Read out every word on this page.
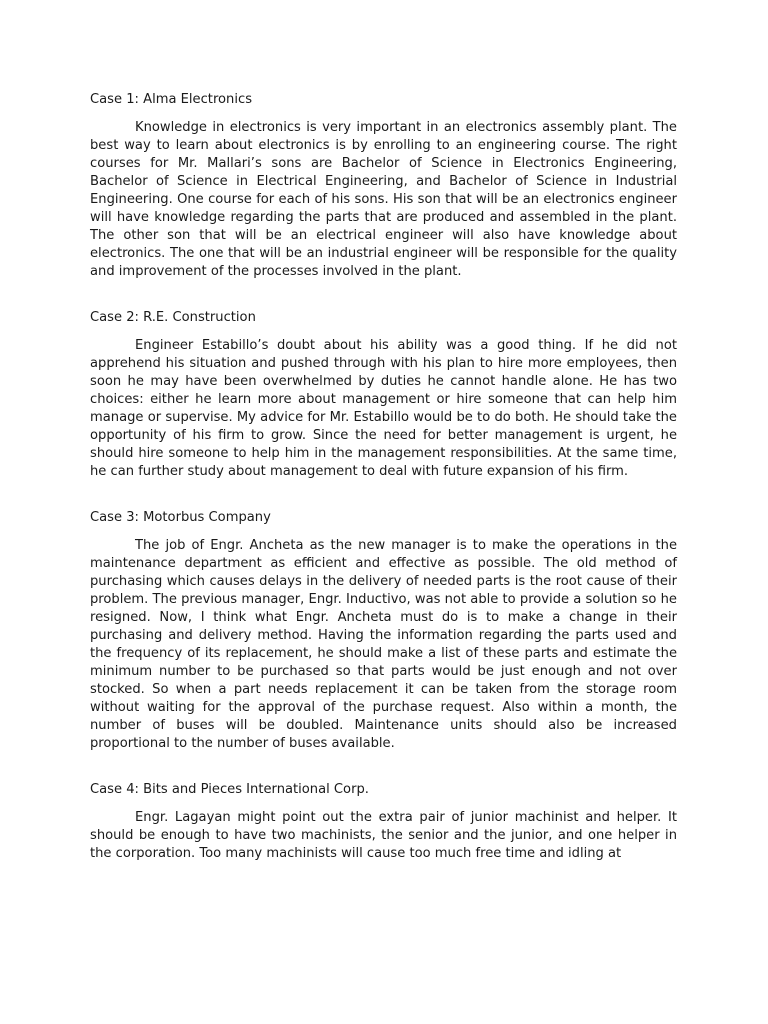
Case 1: Alma Electronics

Knowledge in electronics is very important in an electronics assembly plant. The best way to learn about electronics is by enrolling to an engineering course. The right courses for Mr. Mallari’s sons are Bachelor of Science in Electronics Engineering, Bachelor of Science in Electrical Engineering, and Bachelor of Science in Industrial Engineering. One course for each of his sons. His son that will be an electronics engineer will have knowledge regarding the parts that are produced and assembled in the plant. The other son that will be an electrical engineer will also have knowledge about electronics. The one that will be an industrial engineer will be responsible for the quality and improvement of the processes involved in the plant.

Case 2: R.E. Construction

Engineer Estabillo’s doubt about his ability was a good thing. If he did not apprehend his situation and pushed through with his plan to hire more employees, then soon he may have been overwhelmed by duties he cannot handle alone. He has two choices: either he learn more about management or hire someone that can help him manage or supervise. My advice for Mr. Estabillo would be to do both. He should take the opportunity of his firm to grow. Since the need for better management is urgent, he should hire someone to help him in the management responsibilities. At the same time, he can further study about management to deal with future expansion of his firm.

Case 3: Motorbus Company

The job of Engr. Ancheta as the new manager is to make the operations in the maintenance department as efficient and effective as possible. The old method of purchasing which causes delays in the delivery of needed parts is the root cause of their problem. The previous manager, Engr. Inductivo, was not able to provide a solution so he resigned. Now, I think what Engr. Ancheta must do is to make a change in their purchasing and delivery method. Having the information regarding the parts used and the frequency of its replacement, he should make a list of these parts and estimate the minimum number to be purchased so that parts would be just enough and not over stocked. So when a part needs replacement it can be taken from the storage room without waiting for the approval of the purchase request. Also within a month, the number of buses will be doubled. Maintenance units should also be increased proportional to the number of buses available.

Case 4: Bits and Pieces International Corp.

Engr. Lagayan might point out the extra pair of junior machinist and helper. It should be enough to have two machinists, the senior and the junior, and one helper in the corporation. Too many machinists will cause too much free time and idling at
